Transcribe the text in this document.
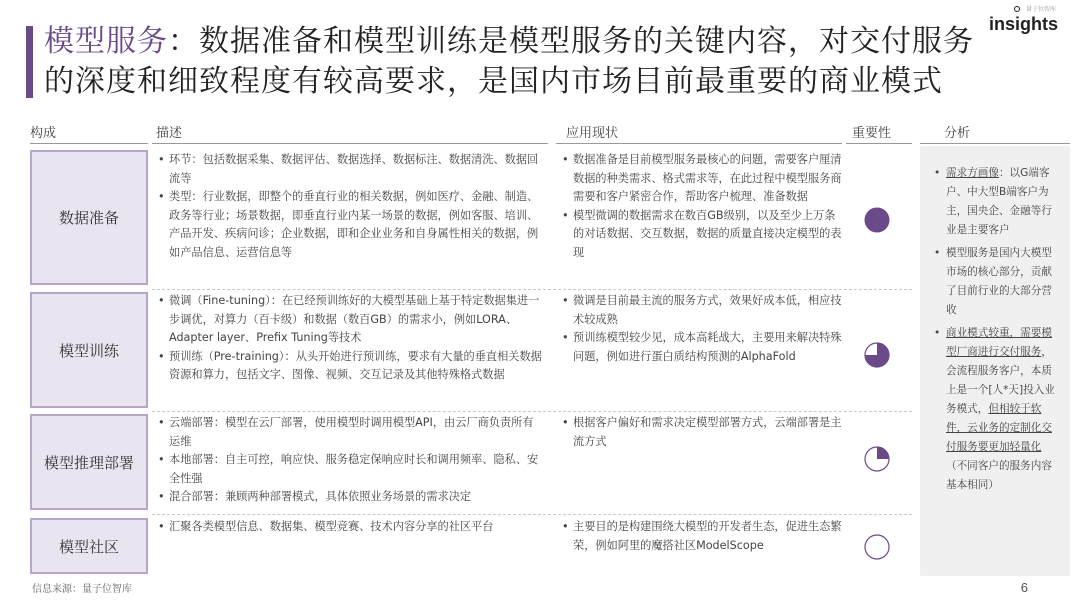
模型服务：数据准备和模型训练是模型服务的关键内容，对交付服务的深度和细致程度有较高要求，是国内市场目前最重要的商业模式
量子位智库
insights
构成	描述	应用现状	重要性	分析
数据准备
• 环节：包括数据采集、数据评估、数据选择、数据标注、数据清洗、数据回流等
• 类型：行业数据，即整个的垂直行业的相关数据，例如医疗、金融、制造、政务等行业；场景数据，即垂直行业内某一场景的数据，例如客服、培训、产品开发、疾病问诊；企业数据，即和企业业务和自身属性相关的数据，例如产品信息、运营信息等
• 数据准备是目前模型服务最核心的问题，需要客户厘清数据的种类需求、格式需求等，在此过程中模型服务商需要和客户紧密合作，帮助客户梳理、准备数据
• 模型微调的数据需求在数百GB级别，以及至少上万条的对话数据、交互数据，数据的质量直接决定模型的表现
模型训练
• 微调（Fine-tuning）：在已经预训练好的大模型基础上基于特定数据集进一步调优，对算力（百卡级）和数据（数百GB）的需求小，例如LORA、Adapter layer、Prefix Tuning等技术
• 预训练（Pre-training）：从头开始进行预训练，要求有大量的垂直相关数据资源和算力，包括文字、图像、视频、交互记录及其他特殊格式数据
• 微调是目前最主流的服务方式，效果好成本低，相应技术较成熟
• 预训练模型较少见，成本高耗战大，主要用来解决特殊问题，例如进行蛋白质结构预测的AlphaFold
模型推理部署
• 云端部署：模型在云厂部署，使用模型时调用模型API，由云厂商负责所有运维
• 本地部署：自主可控，响应快、服务稳定保响应时长和调用频率、隐私、安全性强
• 混合部署：兼顾两种部署模式，具体依照业务场景的需求决定
• 根据客户偏好和需求决定模型部署方式，云端部署是主流方式
模型社区
• 汇聚各类模型信息、数据集、模型竞赛、技术内容分享的社区平台
•	主要目的是构建围绕大模型的开发者生态，促进生态繁荣，例如阿里的魔搭社区ModelScope
• 需求方画像：以G端客户、中大型B端客户为主，国央企、金融等行业是主要客户
• 模型服务是国内大模型市场的核心部分，贡献了目前行业的大部分营收
• 商业模式较重，需要模型厂商进行交付服务，会流程服务客户，本质上是一个[人*天]投入业务模式，但相较于软件，云业务的定制化交付服务要更加轻量化（不同客户的服务内容基本相同）
信息来源：量子位智库	6
